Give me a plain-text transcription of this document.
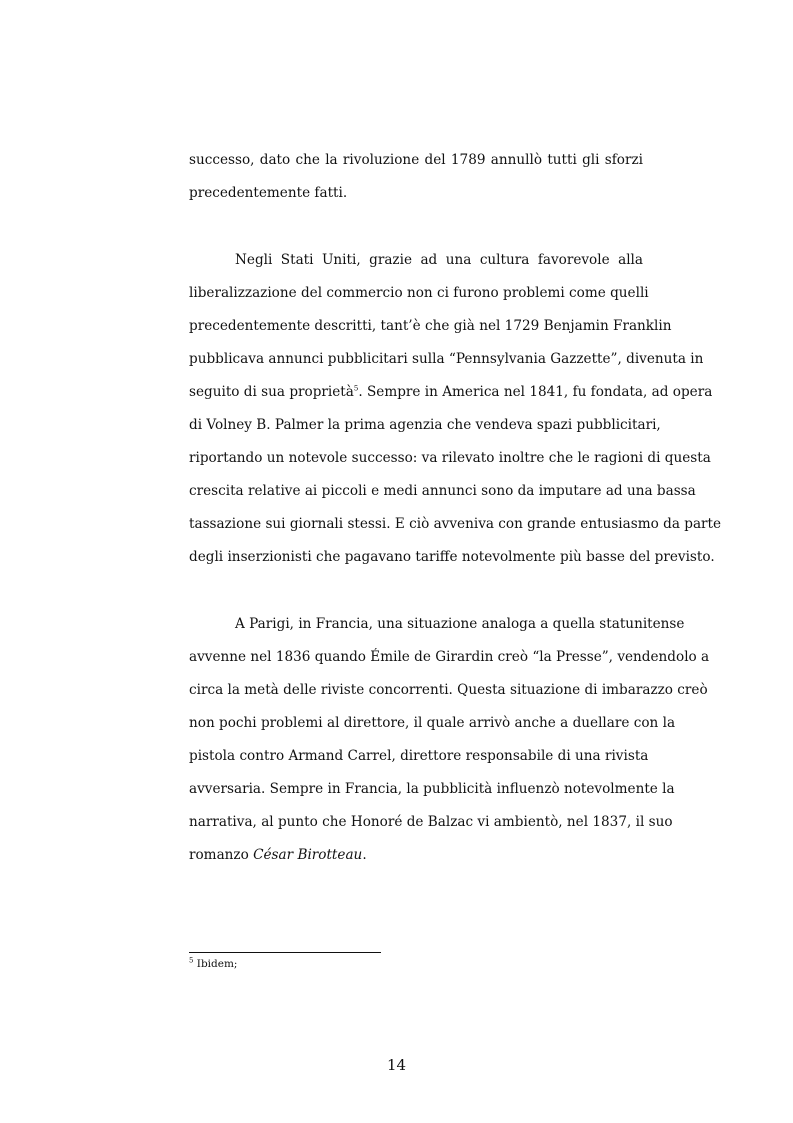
successo, dato che la rivoluzione del 1789 annullò tutti gli sforzi
precedentemente fatti.
Negli Stati Uniti, grazie ad una cultura favorevole alla
liberalizzazione del commercio non ci furono problemi come quelli
precedentemente descritti, tant’è che già nel 1729 Benjamin Franklin
pubblicava annunci pubblicitari sulla “Pennsylvania Gazzette”, divenuta in
seguito di sua proprietà$^5$. Sempre in America nel 1841, fu fondata, ad opera
di Volney B. Palmer la prima agenzia che vendeva spazi pubblicitari,
riportando un notevole successo: va rilevato inoltre che le ragioni di questa
crescita relative ai piccoli e medi annunci sono da imputare ad una bassa
tassazione sui giornali stessi. E ciò avveniva con grande entusiasmo da parte
degli inserzionisti che pagavano tariffe notevolmente più basse del previsto.
A Parigi, in Francia, una situazione analoga a quella statunitense
avvenne nel 1836 quando Émile de Girardin creò “la Presse”, vendendolo a
circa la metà delle riviste concorrenti. Questa situazione di imbarazzo creò
non pochi problemi al direttore, il quale arrivò anche a duellare con la
pistola contro Armand Carrel, direttore responsabile di una rivista
avversaria. Sempre in Francia, la pubblicità influenzò notevolmente la
narrativa, al punto che Honoré de Balzac vi ambientò, nel 1837, il suo
romanzo César Birotteau.
$^5$ Ibidem;
14
